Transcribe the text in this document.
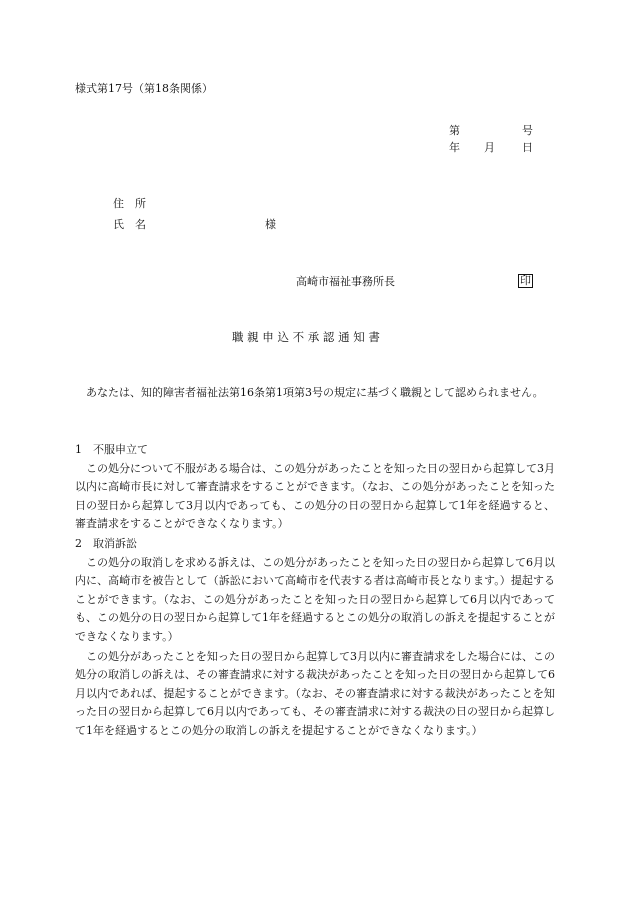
様式第17号（第18条関係）
第	号
年 月 日
住　所
氏　名	様
高崎市福祉事務所長	印
職 親 申 込 不 承 認 通 知 書
　あなたは、知的障害者福祉法第16条第1項第3号の規定に基づく職親として認められません。
1　不服申立て
　この処分について不服がある場合は、この処分があったことを知った日の翌日から起算して3月以内に高崎市長に対して審査請求をすることができます。（なお、この処分があったことを知った日の翌日から起算して3月以内であっても、この処分の日の翌日から起算して1年を経過すると、審査請求をすることができなくなります。）
2　取消訴訟
　この処分の取消しを求める訴えは、この処分があったことを知った日の翌日から起算して6月以内に、高崎市を被告として（訴訟において高崎市を代表する者は高崎市長となります。）提起することができます。（なお、この処分があったことを知った日の翌日から起算して6月以内であっても、この処分の日の翌日から起算して1年を経過するとこの処分の取消しの訴えを提起することができなくなります。）
　この処分があったことを知った日の翌日から起算して3月以内に審査請求をした場合には、この処分の取消しの訴えは、その審査請求に対する裁決があったことを知った日の翌日から起算して6月以内であれば、提起することができます。（なお、その審査請求に対する裁決があったことを知った日の翌日から起算して6月以内であっても、その審査請求に対する裁決の日の翌日から起算して1年を経過するとこの処分の取消しの訴えを提起することができなくなります。）
